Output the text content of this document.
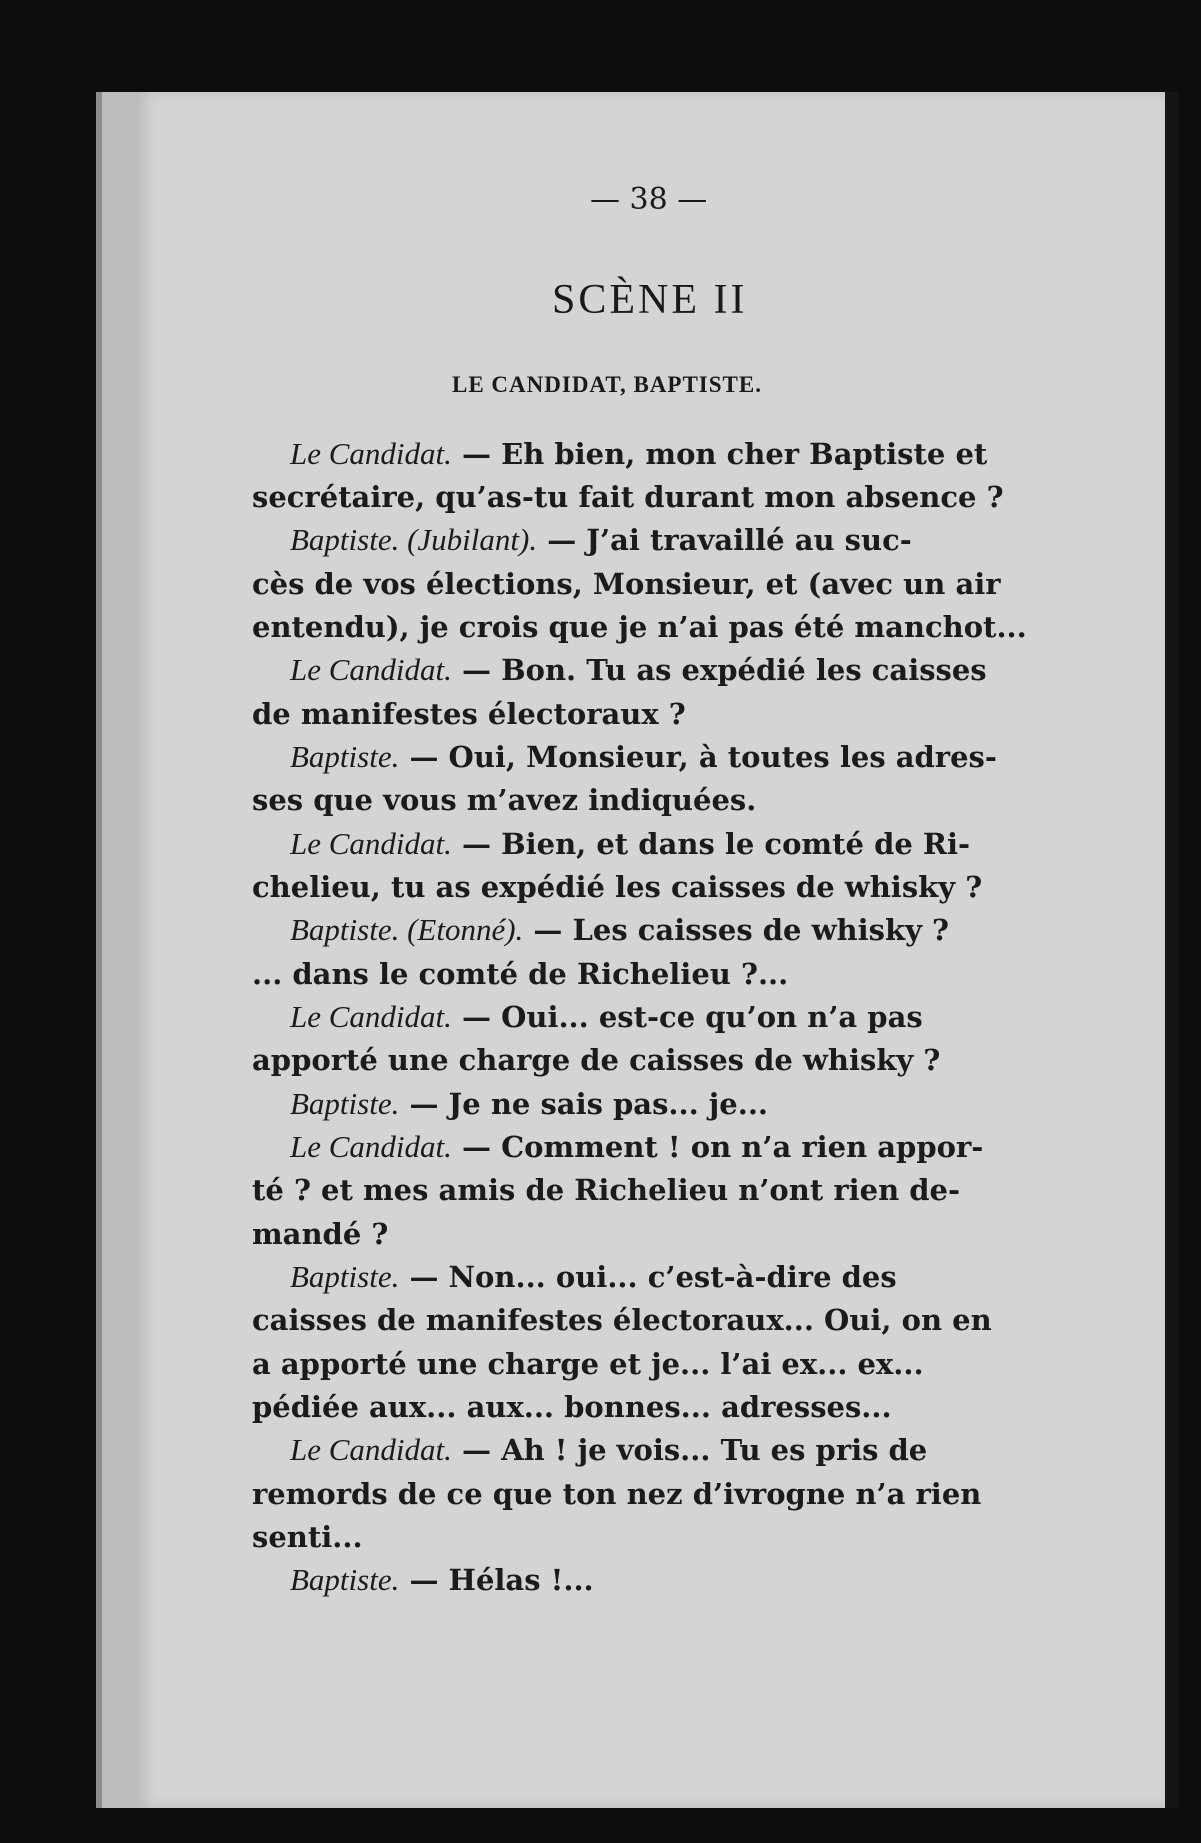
— 38 —
SCÈNE II
LE CANDIDAT, BAPTISTE.
Le Candidat. — Eh bien, mon cher Baptiste et
secrétaire, qu’as-tu fait durant mon absence ?
Baptiste. (Jubilant). — J’ai travaillé au suc-
cès de vos élections, Monsieur, et (avec un air
entendu), je crois que je n’ai pas été manchot...
Le Candidat. — Bon. Tu as expédié les caisses
de manifestes électoraux ?
Baptiste. — Oui, Monsieur, à toutes les adres-
ses que vous m’avez indiquées.
Le Candidat. — Bien, et dans le comté de Ri-
chelieu, tu as expédié les caisses de whisky ?
Baptiste. (Etonné). — Les caisses de whisky ?
... dans le comté de Richelieu ?...
Le Candidat. — Oui... est-ce qu’on n’a pas
apporté une charge de caisses de whisky ?
Baptiste. — Je ne sais pas... je...
Le Candidat. — Comment ! on n’a rien appor-
té ? et mes amis de Richelieu n’ont rien de-
mandé ?
Baptiste. — Non... oui... c’est-à-dire des
caisses de manifestes électoraux... Oui, on en
a apporté une charge et je... l’ai ex... ex...
pédiée aux... aux... bonnes... adresses...
Le Candidat. — Ah ! je vois... Tu es pris de
remords de ce que ton nez d’ivrogne n’a rien
senti...
Baptiste. — Hélas !...
